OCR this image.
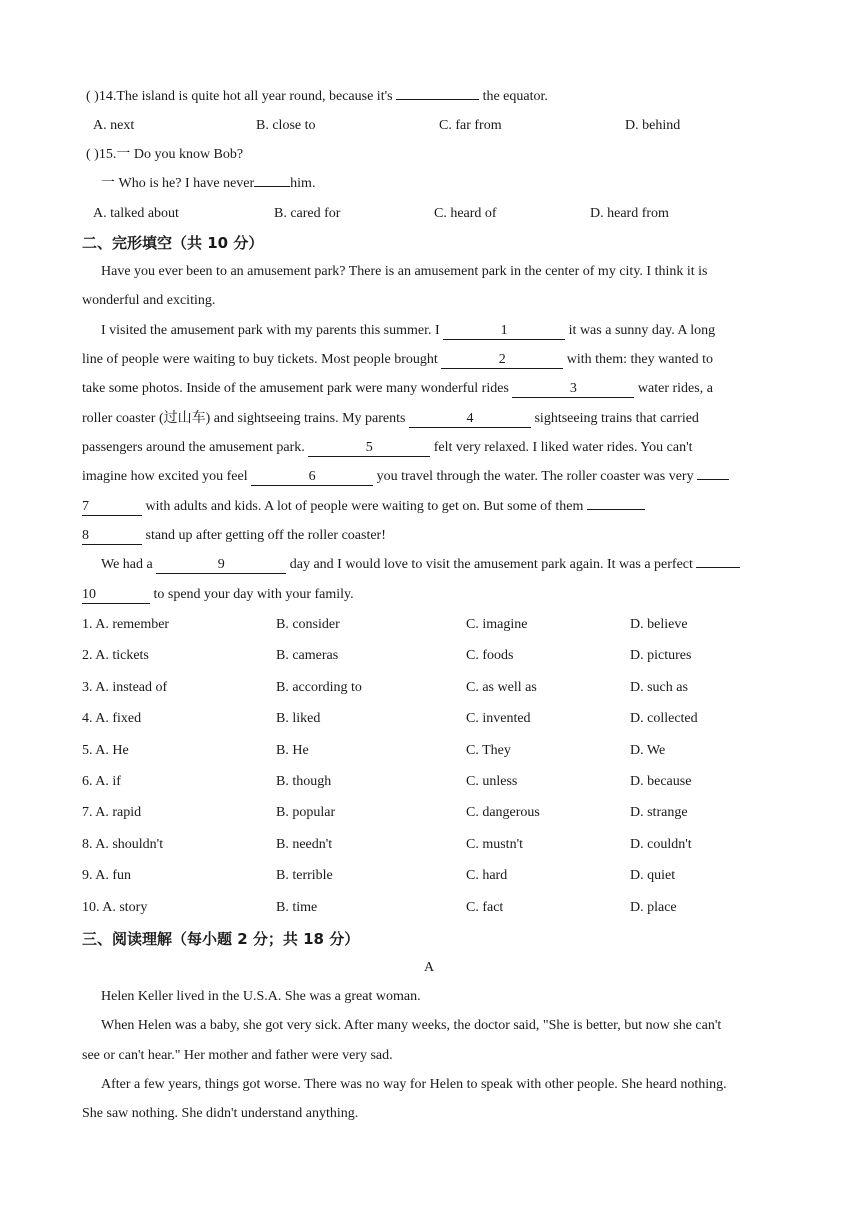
( )14.The island is quite hot all year round, because it's	the equator.
A. next	B. close to	C. far from	D. behind
( )15.一 Do you know Bob?
一 Who is he? I have never	him.
A. talked about	B. cared for	C. heard of	D. heard from
二、完形填空（共 10 分）
Have you ever been to an amusement park? There is an amusement park in the center of my city. I think it is
wonderful and exciting.
I visited the amusement park with my parents this summer. I	1	it was a sunny day. A long
line of people were waiting to buy tickets. Most people brought	2	with them: they wanted to
take some photos. Inside of the amusement park were many wonderful rides	3	water rides, a
roller coaster (过山车) and sightseeing trains. My parents	4	sightseeing trains that carried
passengers around the amusement park.	5	felt very relaxed. I liked water rides. You can't
imagine how excited you feel	6	you travel through the water. The roller coaster was very
7	with adults and kids. A lot of people were waiting to get on. But some of them
8	stand up after getting off the roller coaster!
We had a	9	day and I would love to visit the amusement park again. It was a perfect
10	to spend your day with your family.
1. A. remember	B. consider	C. imagine	D. believe
2. A. tickets	B. cameras	C. foods	D. pictures
3. A. instead of	B. according to	C. as well as	D. such as
4. A. fixed	B. liked	C. invented	D. collected
5. A. He	B. He	C. They	D. We
6. A. if	B. though	C. unless	D. because
7. A. rapid	B. popular	C. dangerous	D. strange
8. A. shouldn't	B. needn't	C. mustn't	D. couldn't
9. A. fun	B. terrible	C. hard	D. quiet
10. A. story	B. time	C. fact	D. place
三、阅读理解（每小题 2 分；共 18 分）
A
Helen Keller lived in the U.S.A. She was a great woman.
When Helen was a baby, she got very sick. After many weeks, the doctor said, "She is better, but now she can't
see or can't hear." Her mother and father were very sad.
After a few years, things got worse. There was no way for Helen to speak with other people. She heard nothing.
She saw nothing. She didn't understand anything.
